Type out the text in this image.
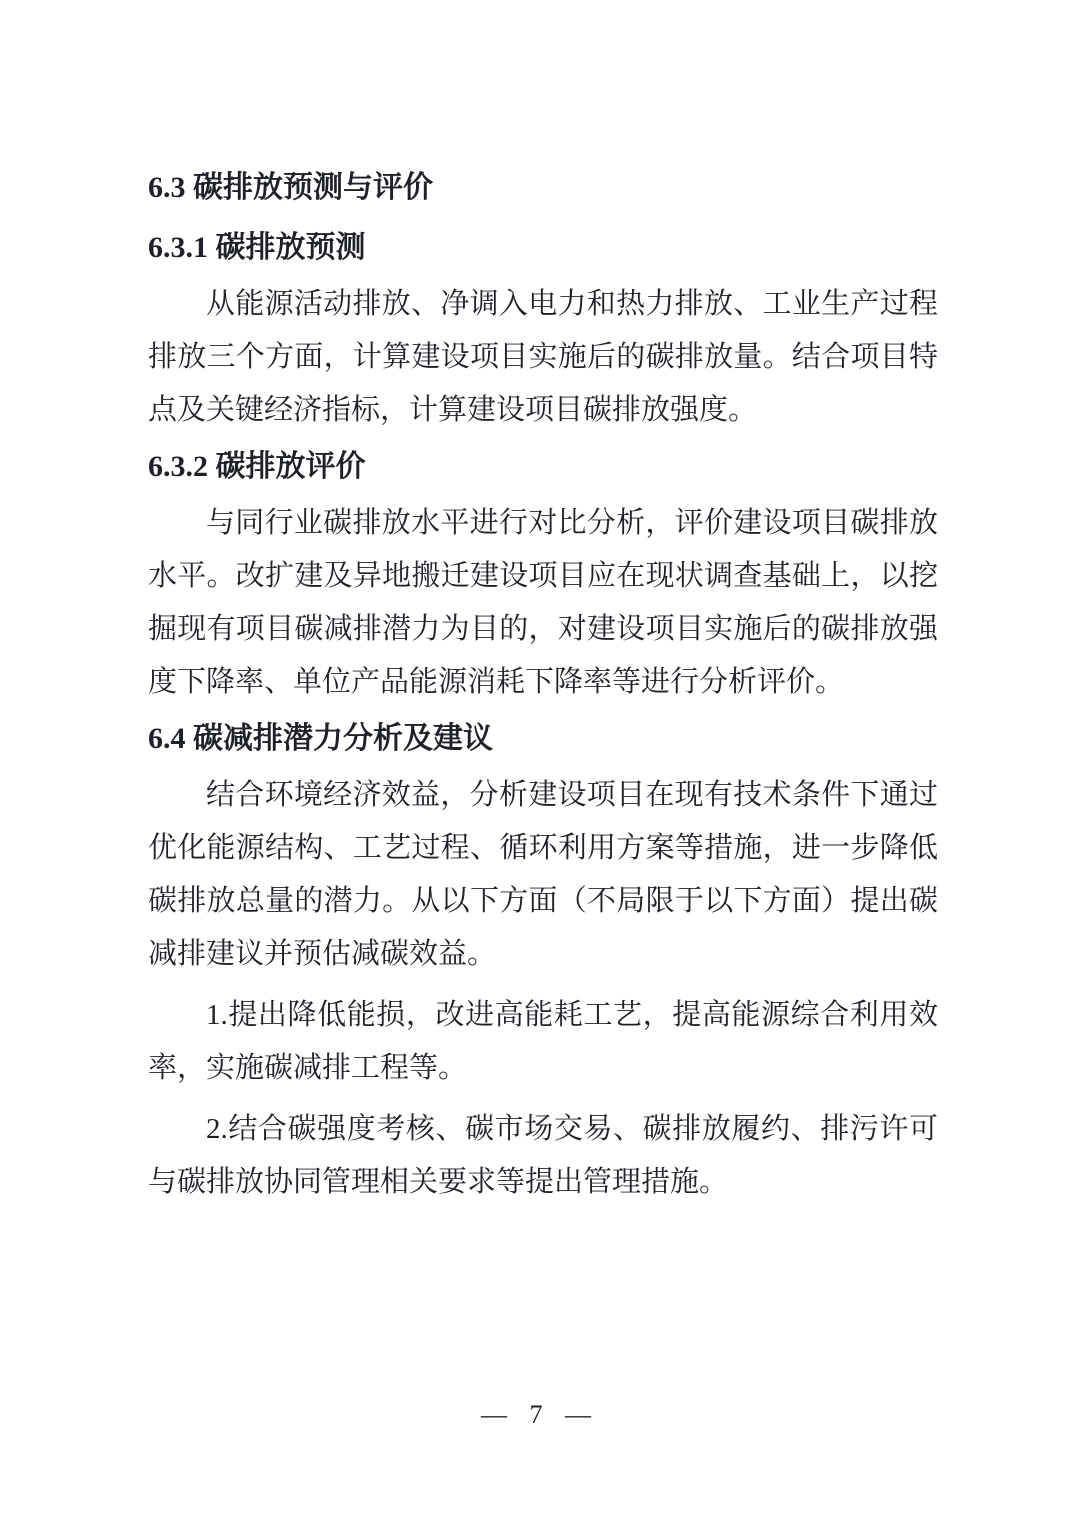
6.3 碳排放预测与评价
6.3.1 碳排放预测

从能源活动排放、净调入电力和热力排放、工业生产过程排放三个方面，计算建设项目实施后的碳排放量。结合项目特点及关键经济指标，计算建设项目碳排放强度。

6.3.2 碳排放评价

与同行业碳排放水平进行对比分析，评价建设项目碳排放水平。改扩建及异地搬迁建设项目应在现状调查基础上，以挖掘现有项目碳减排潜力为目的，对建设项目实施后的碳排放强度下降率、单位产品能源消耗下降率等进行分析评价。

6.4 碳减排潜力分析及建议

结合环境经济效益，分析建设项目在现有技术条件下通过优化能源结构、工艺过程、循环利用方案等措施，进一步降低碳排放总量的潜力。从以下方面（不局限于以下方面）提出碳减排建议并预估减碳效益。

1.提出降低能损，改进高能耗工艺，提高能源综合利用效率，实施碳减排工程等。

2.结合碳强度考核、碳市场交易、碳排放履约、排污许可与碳排放协同管理相关要求等提出管理措施。

— 7 —
